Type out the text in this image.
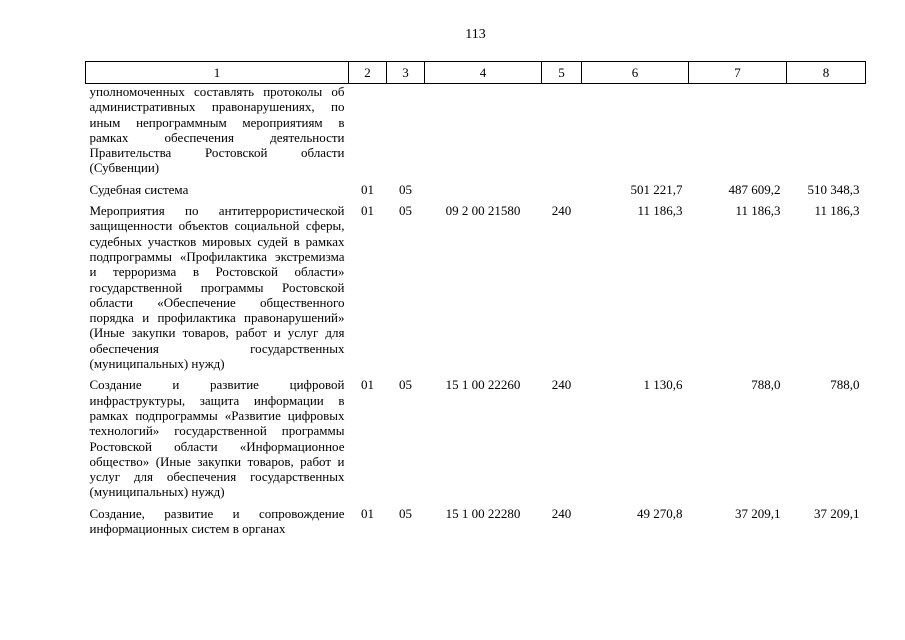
113
1	2	3	4	5	6	7	8
уполномоченных составлять протоколы об административных правонарушениях, по иным непрограммным мероприятиям в рамках обеспечения деятельности Правительства Ростовской области (Субвенции)							
Судебная система	01	05			501 221,7	487 609,2	510 348,3
Мероприятия по антитеррористической защищенности объектов социальной сферы, судебных участков мировых судей в рамках подпрограммы «Профилактика экстремизма и терроризма в Ростовской области» государственной программы Ростовской области «Обеспечение общественного порядка и профилактика правонарушений» (Иные закупки товаров, работ и услуг для обеспечения государственных (муниципальных) нужд)	01	05	09 2 00 21580	240	11 186,3	11 186,3	11 186,3
Создание и развитие цифровой инфраструктуры, защита информации в рамках подпрограммы «Развитие цифровых технологий» государственной программы Ростовской области «Информационное общество» (Иные закупки товаров, работ и услуг для обеспечения государственных (муниципальных) нужд)	01	05	15 1 00 22260	240	1 130,6	788,0	788,0
Создание, развитие и сопровождение информационных систем в органах	01	05	15 1 00 22280	240	49 270,8	37 209,1	37 209,1
